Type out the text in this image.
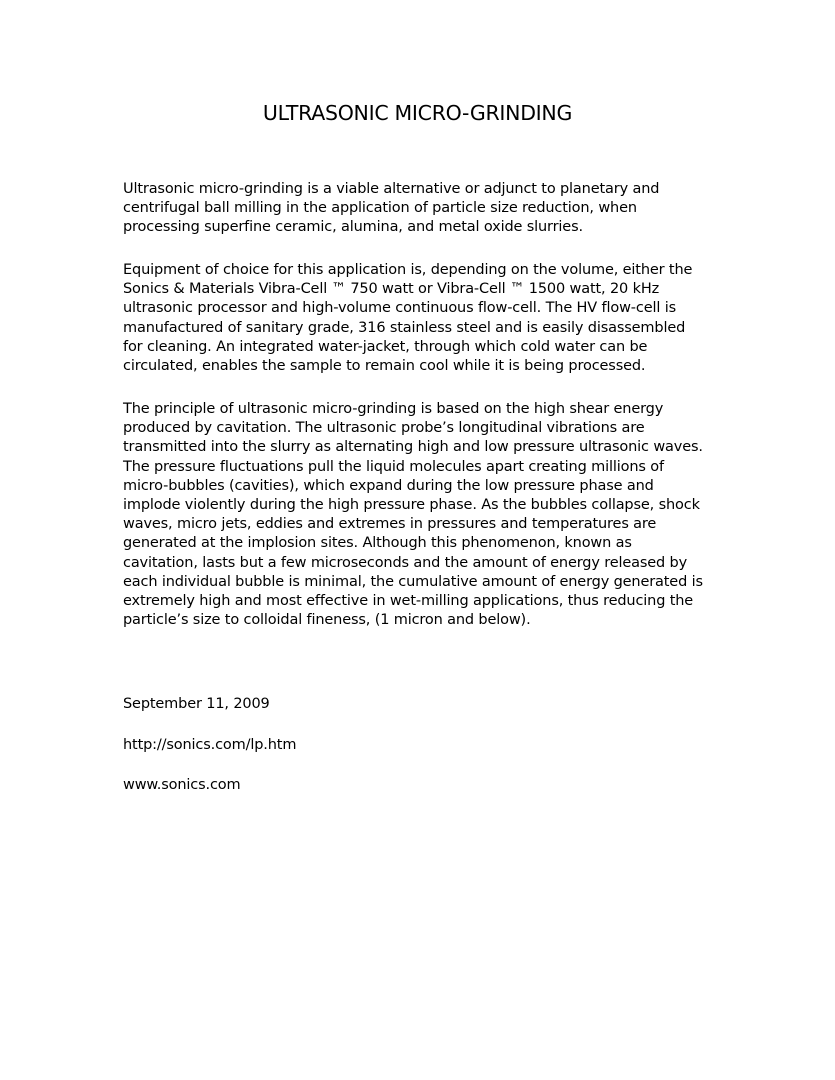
ULTRASONIC MICRO-GRINDING
Ultrasonic micro-grinding is a viable alternative or adjunct to planetary and
centrifugal ball milling in the application of particle size reduction, when
processing superfine ceramic, alumina, and metal oxide slurries.
Equipment of choice for this application is, depending on the volume, either the
Sonics & Materials Vibra-Cell ™ 750 watt or Vibra-Cell ™ 1500 watt, 20 kHz
ultrasonic processor and high-volume continuous flow-cell. The HV flow-cell is
manufactured of sanitary grade, 316 stainless steel and is easily disassembled
for cleaning. An integrated water-jacket, through which cold water can be
circulated, enables the sample to remain cool while it is being processed.
The principle of ultrasonic micro-grinding is based on the high shear energy
produced by cavitation. The ultrasonic probe’s longitudinal vibrations are
transmitted into the slurry as alternating high and low pressure ultrasonic waves.
The pressure fluctuations pull the liquid molecules apart creating millions of
micro-bubbles (cavities), which expand during the low pressure phase and
implode violently during the high pressure phase. As the bubbles collapse, shock
waves, micro jets, eddies and extremes in pressures and temperatures are
generated at the implosion sites. Although this phenomenon, known as
cavitation, lasts but a few microseconds and the amount of energy released by
each individual bubble is minimal, the cumulative amount of energy generated is
extremely high and most effective in wet-milling applications, thus reducing the
particle’s size to colloidal fineness, (1 micron and below).
September 11, 2009
http://sonics.com/lp.htm
www.sonics.com
